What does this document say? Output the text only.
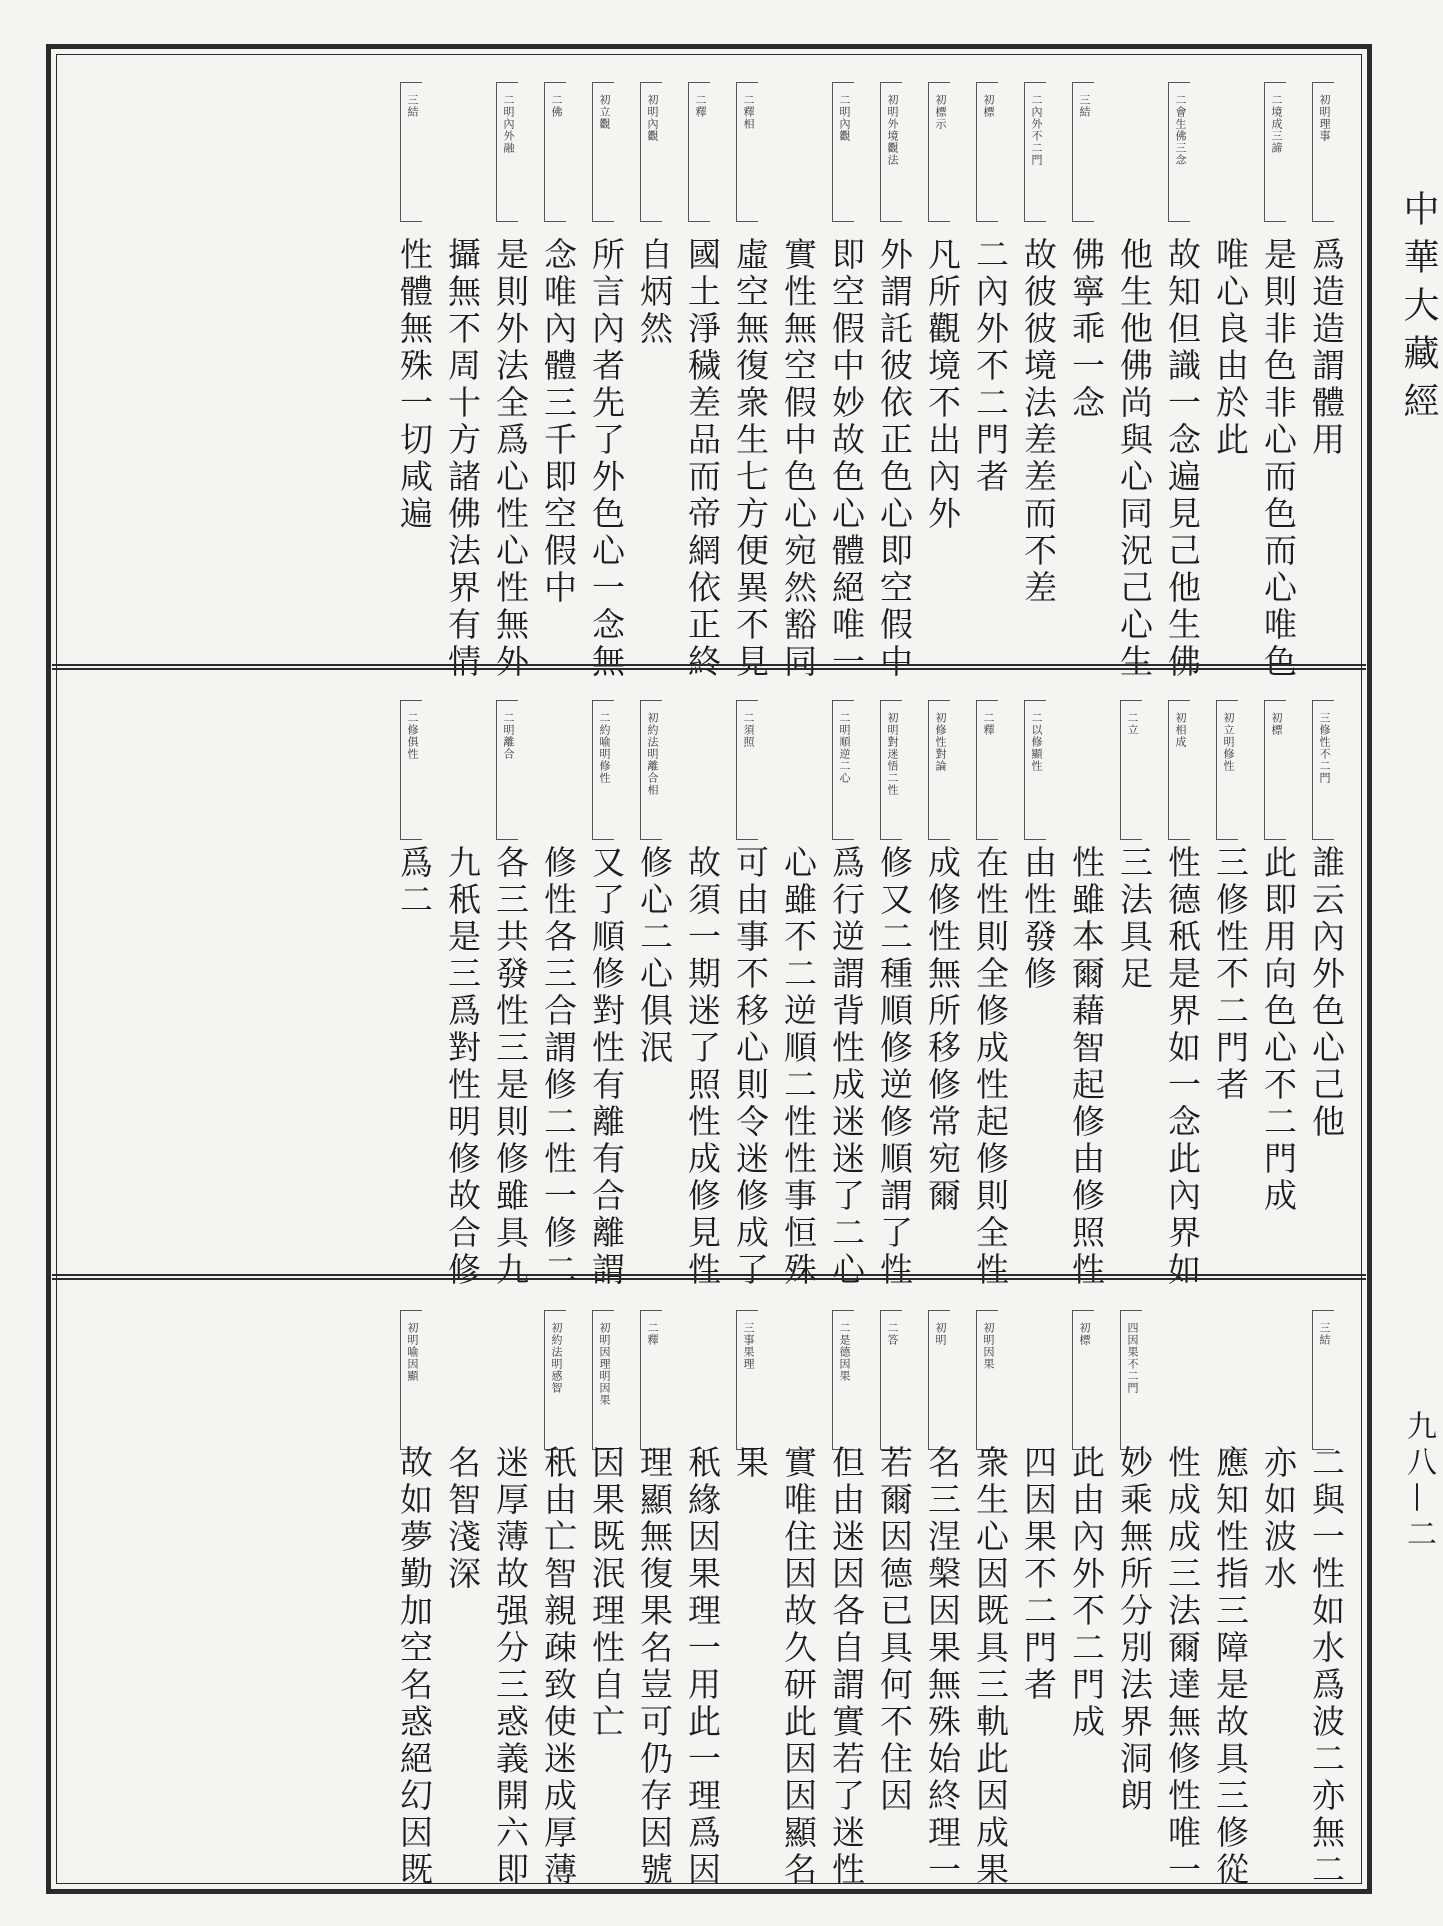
初明理事
爲造造謂體用
二境成三諦
是則非色非心而色而心唯色
唯心良由於此
二會生佛三念
故知但識一念遍見己他生佛
他生他佛尚與心同況己心生
三結
佛寧乖一念
二內外不二門
故彼彼境法差差而不差
初標
二內外不二門者
初標示
凡所觀境不出內外
初明外境觀法
外謂託彼依正色心即空假中
二明內觀
即空假中妙故色心體絕唯一
實性無空假中色心宛然豁同
二釋相
虛空無復衆生七方便異不見
二釋
國土淨穢差品而帝網依正終
初明內觀
自炳然
初立觀
所言內者先了外色心一念無
二佛
念唯內體三千即空假中
二明內外融
是則外法全爲心性心性無外
攝無不周十方諸佛法界有情
三結
性體無殊一切咸遍
三修性不二門
誰云內外色心己他
初標
此即用向色心不二門成
初立明修性
三修性不二門者
初相成
性德秖是界如一念此內界如
二立
三法具足
性雖本爾藉智起修由修照性
二以修顯性
由性發修
二釋
在性則全修成性起修則全性
初修性對論
成修性無所移修常宛爾
初明對迷悟二性
修又二種順修逆修順謂了性
二明順逆二心
爲行逆謂背性成迷迷了二心
心雖不二逆順二性性事恒殊
二須照
可由事不移心則令迷修成了
故須一期迷了照性成修見性
初約法明離合相
修心二心俱泯
二約喻明修性
又了順修對性有離有合離謂
修性各三合謂修二性一修二
二明離合
各三共發性三是則修雖具九
九秖是三爲對性明修故合修
二修俱性
爲二
三結
二與一性如水爲波二亦無二
亦如波水
應知性指三障是故具三修從
性成成三法爾達無修性唯一
四因果不二門
妙乘無所分別法界洞朗
初標
此由內外不二門成
四因果不二門者
初明因果
衆生心因既具三軌此因成果
初明
名三涅槃因果無殊始終理一
二答
若爾因德已具何不住因
二是德因果
但由迷因各自謂實若了迷性
實唯住因故久研此因因顯名
三事果理
果
秖緣因果理一用此一理爲因
二釋
理顯無復果名豈可仍存因號
初明因理明因果
因果既泯理性自亡
初約法明感智
秖由亡智親疎致使迷成厚薄
迷厚薄故强分三惑義開六即
名智淺深
初明喻因顯
故如夢勤加空名惑絕幻因既
中華大藏經
九八—二
